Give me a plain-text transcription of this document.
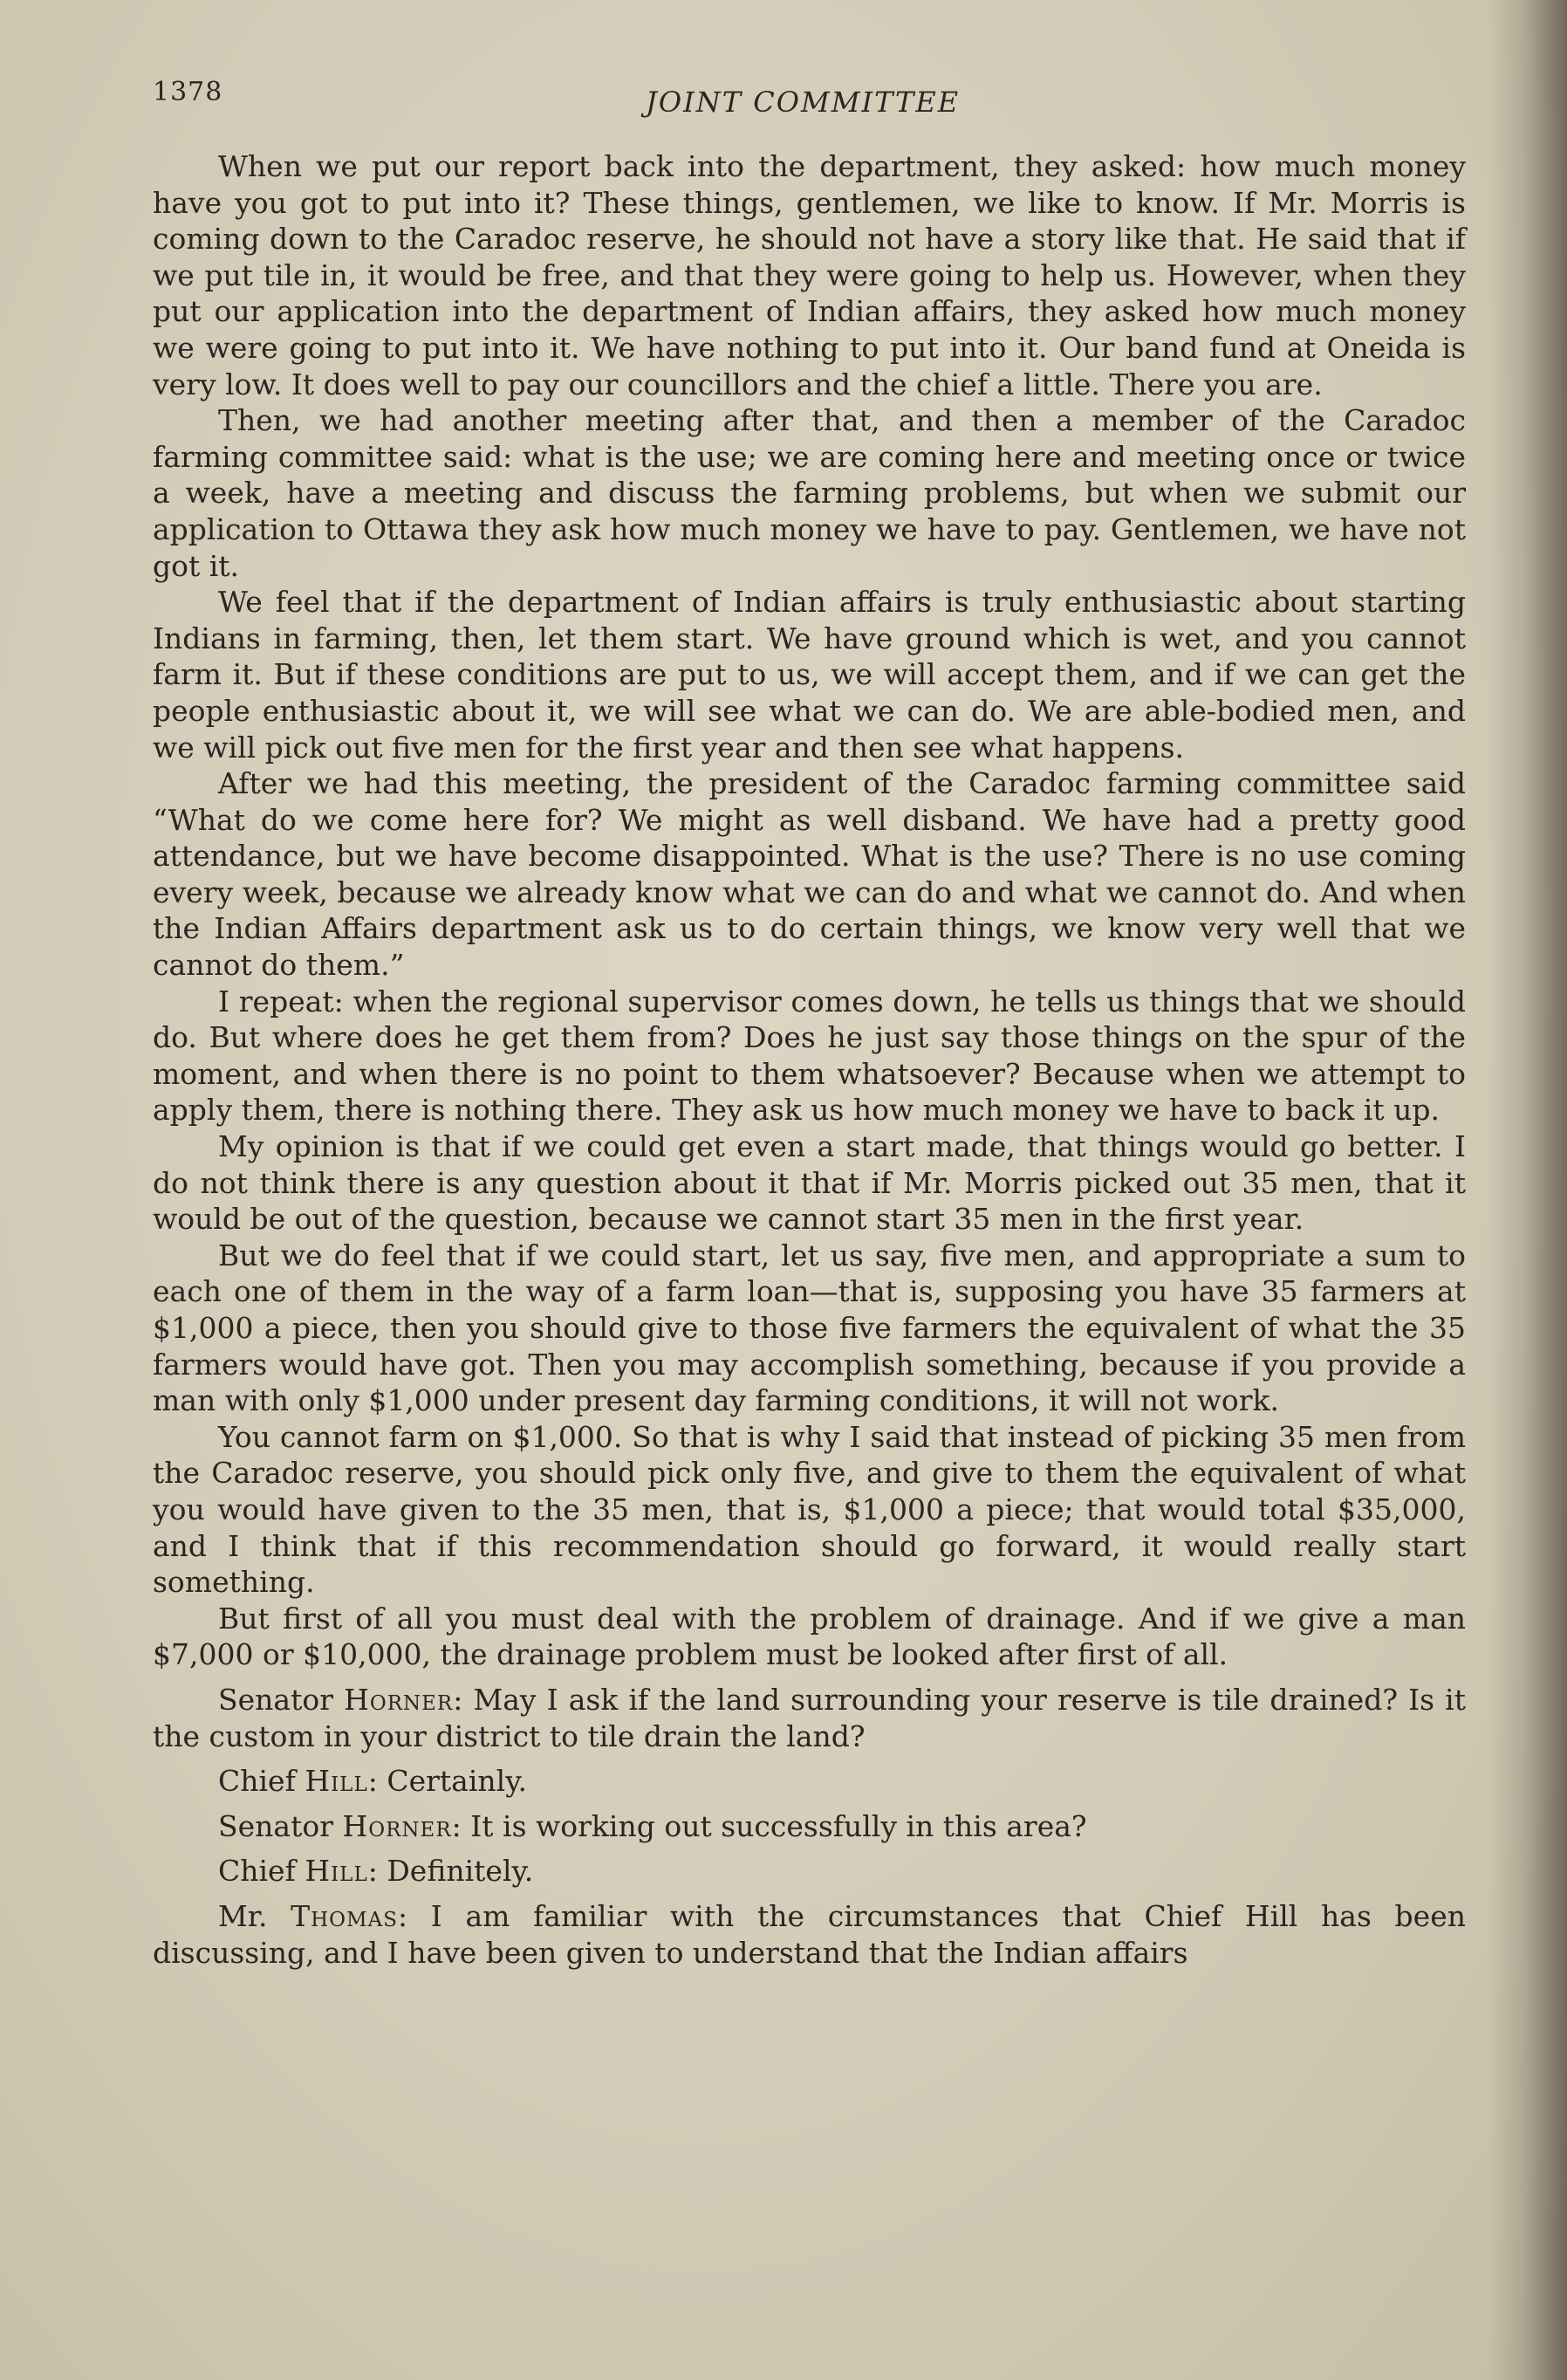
1378	JOINT COMMITTEE

When we put our report back into the department, they asked: how much money have you got to put into it? These things, gentlemen, we like to know. If Mr. Morris is coming down to the Caradoc reserve, he should not have a story like that. He said that if we put tile in, it would be free, and that they were going to help us. However, when they put our application into the department of Indian affairs, they asked how much money we were going to put into it. We have nothing to put into it. Our band fund at Oneida is very low. It does well to pay our councillors and the chief a little. There you are.

Then, we had another meeting after that, and then a member of the Caradoc farming committee said: what is the use; we are coming here and meeting once or twice a week, have a meeting and discuss the farming problems, but when we submit our application to Ottawa they ask how much money we have to pay. Gentlemen, we have not got it.

We feel that if the department of Indian affairs is truly enthusiastic about starting Indians in farming, then, let them start. We have ground which is wet, and you cannot farm it. But if these conditions are put to us, we will accept them, and if we can get the people enthusiastic about it, we will see what we can do. We are able-bodied men, and we will pick out five men for the first year and then see what happens.

After we had this meeting, the president of the Caradoc farming committee said “What do we come here for? We might as well disband. We have had a pretty good attendance, but we have become disappointed. What is the use? There is no use coming every week, because we already know what we can do and what we cannot do. And when the Indian Affairs department ask us to do certain things, we know very well that we cannot do them.”

I repeat: when the regional supervisor comes down, he tells us things that we should do. But where does he get them from? Does he just say those things on the spur of the moment, and when there is no point to them whatsoever? Because when we attempt to apply them, there is nothing there. They ask us how much money we have to back it up.

My opinion is that if we could get even a start made, that things would go better. I do not think there is any question about it that if Mr. Morris picked out 35 men, that it would be out of the question, because we cannot start 35 men in the first year.

But we do feel that if we could start, let us say, five men, and appropriate a sum to each one of them in the way of a farm loan—that is, supposing you have 35 farmers at $1,000 a piece, then you should give to those five farmers the equivalent of what the 35 farmers would have got. Then you may accomplish something, because if you provide a man with only $1,000 under present day farming conditions, it will not work.

You cannot farm on $1,000. So that is why I said that instead of picking 35 men from the Caradoc reserve, you should pick only five, and give to them the equivalent of what you would have given to the 35 men, that is, $1,000 a piece; that would total $35,000, and I think that if this recommendation should go forward, it would really start something.

But first of all you must deal with the problem of drainage. And if we give a man $7,000 or $10,000, the drainage problem must be looked after first of all.

Senator Horner: May I ask if the land surrounding your reserve is tile drained? Is it the custom in your district to tile drain the land?

Chief Hill: Certainly.

Senator Horner: It is working out successfully in this area?

Chief Hill: Definitely.

Mr. Thomas: I am familiar with the circumstances that Chief Hill has been discussing, and I have been given to understand that the Indian affairs
